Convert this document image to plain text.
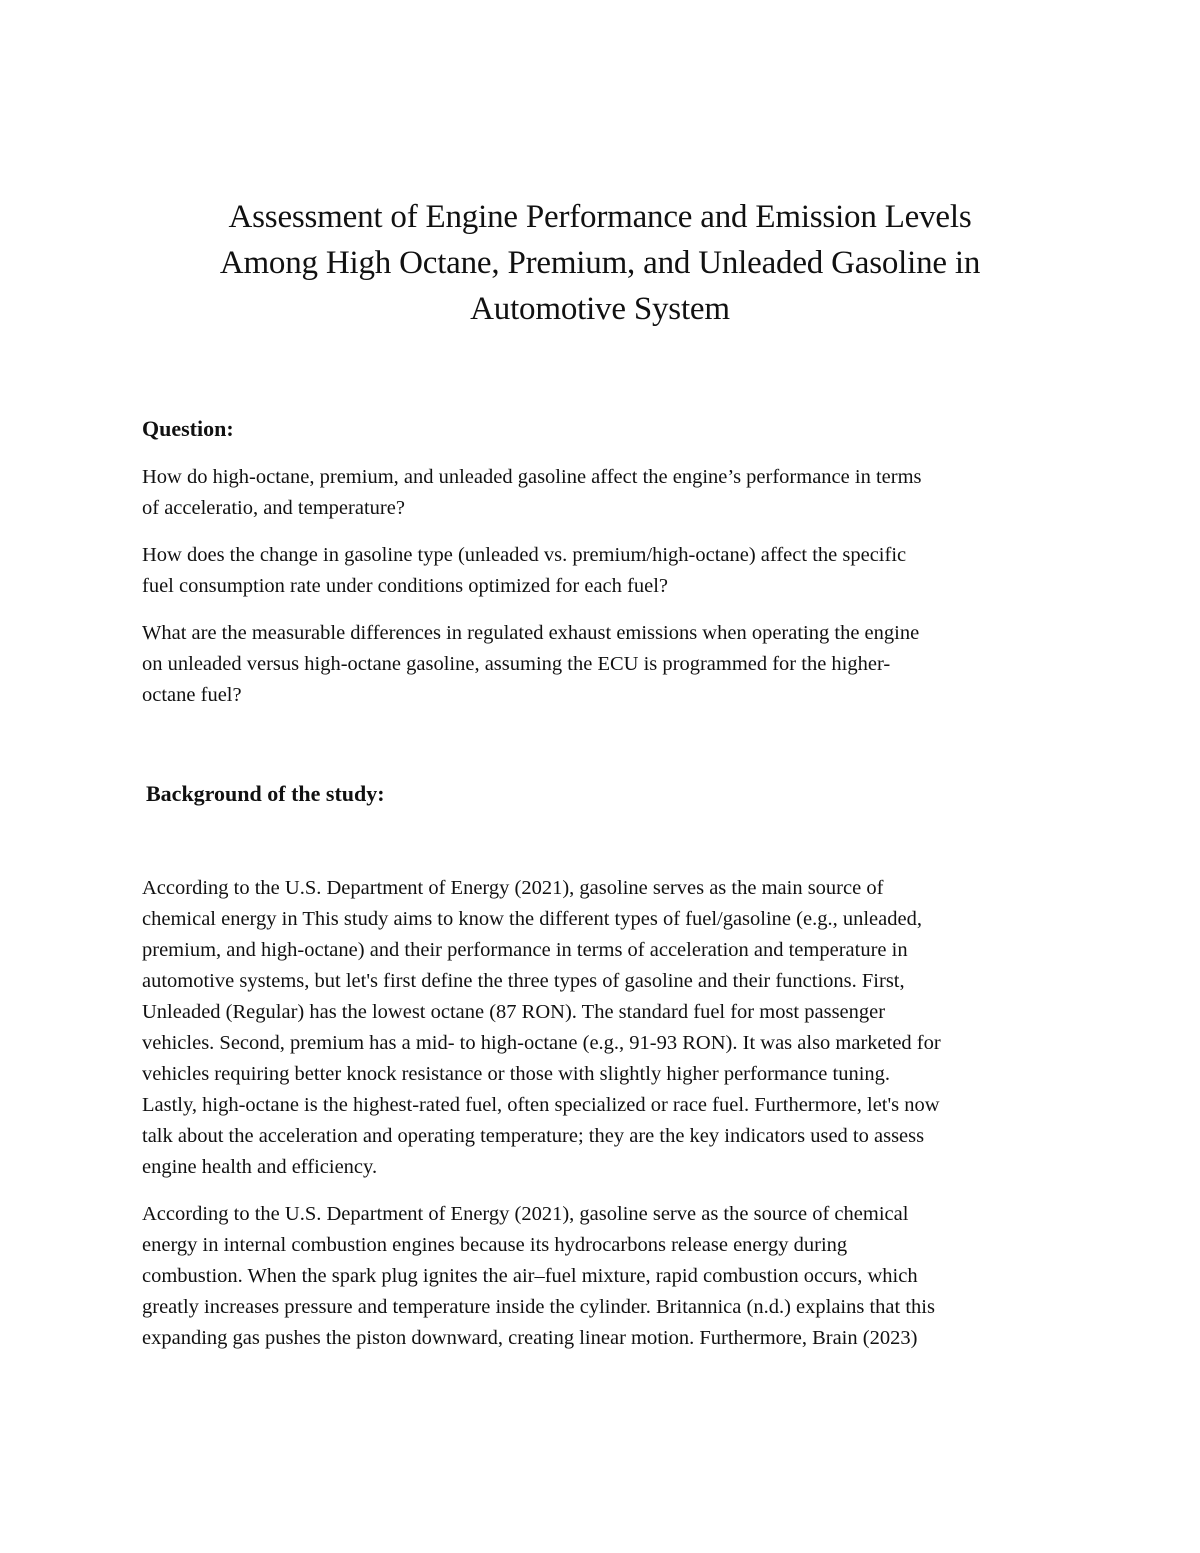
Assessment of Engine Performance and Emission Levels
Among High Octane, Premium, and Unleaded Gasoline in
Automotive System
Question:

How do high-octane, premium, and unleaded gasoline affect the engine’s performance in terms
of acceleratio, and temperature?

How does the change in gasoline type (unleaded vs. premium/high-octane) affect the specific
fuel consumption rate under conditions optimized for each fuel?

What are the measurable differences in regulated exhaust emissions when operating the engine
on unleaded versus high-octane gasoline, assuming the ECU is programmed for the higher-
octane fuel?

Background of the study:

According to the U.S. Department of Energy (2021), gasoline serves as the main source of
chemical energy in This study aims to know the different types of fuel/gasoline (e.g., unleaded,
premium, and high-octane) and their performance in terms of acceleration and temperature in
automotive systems, but let's first define the three types of gasoline and their functions. First,
Unleaded (Regular) has the lowest octane (87 RON). The standard fuel for most passenger
vehicles. Second, premium has a mid- to high-octane (e.g., 91-93 RON). It was also marketed for
vehicles requiring better knock resistance or those with slightly higher performance tuning.
Lastly, high-octane is the highest-rated fuel, often specialized or race fuel. Furthermore, let's now
talk about the acceleration and operating temperature; they are the key indicators used to assess
engine health and efficiency.

According to the U.S. Department of Energy (2021), gasoline serve as the source of chemical
energy in internal combustion engines because its hydrocarbons release energy during
combustion. When the spark plug ignites the air–fuel mixture, rapid combustion occurs, which
greatly increases pressure and temperature inside the cylinder. Britannica (n.d.) explains that this
expanding gas pushes the piston downward, creating linear motion. Furthermore, Brain (2023)
